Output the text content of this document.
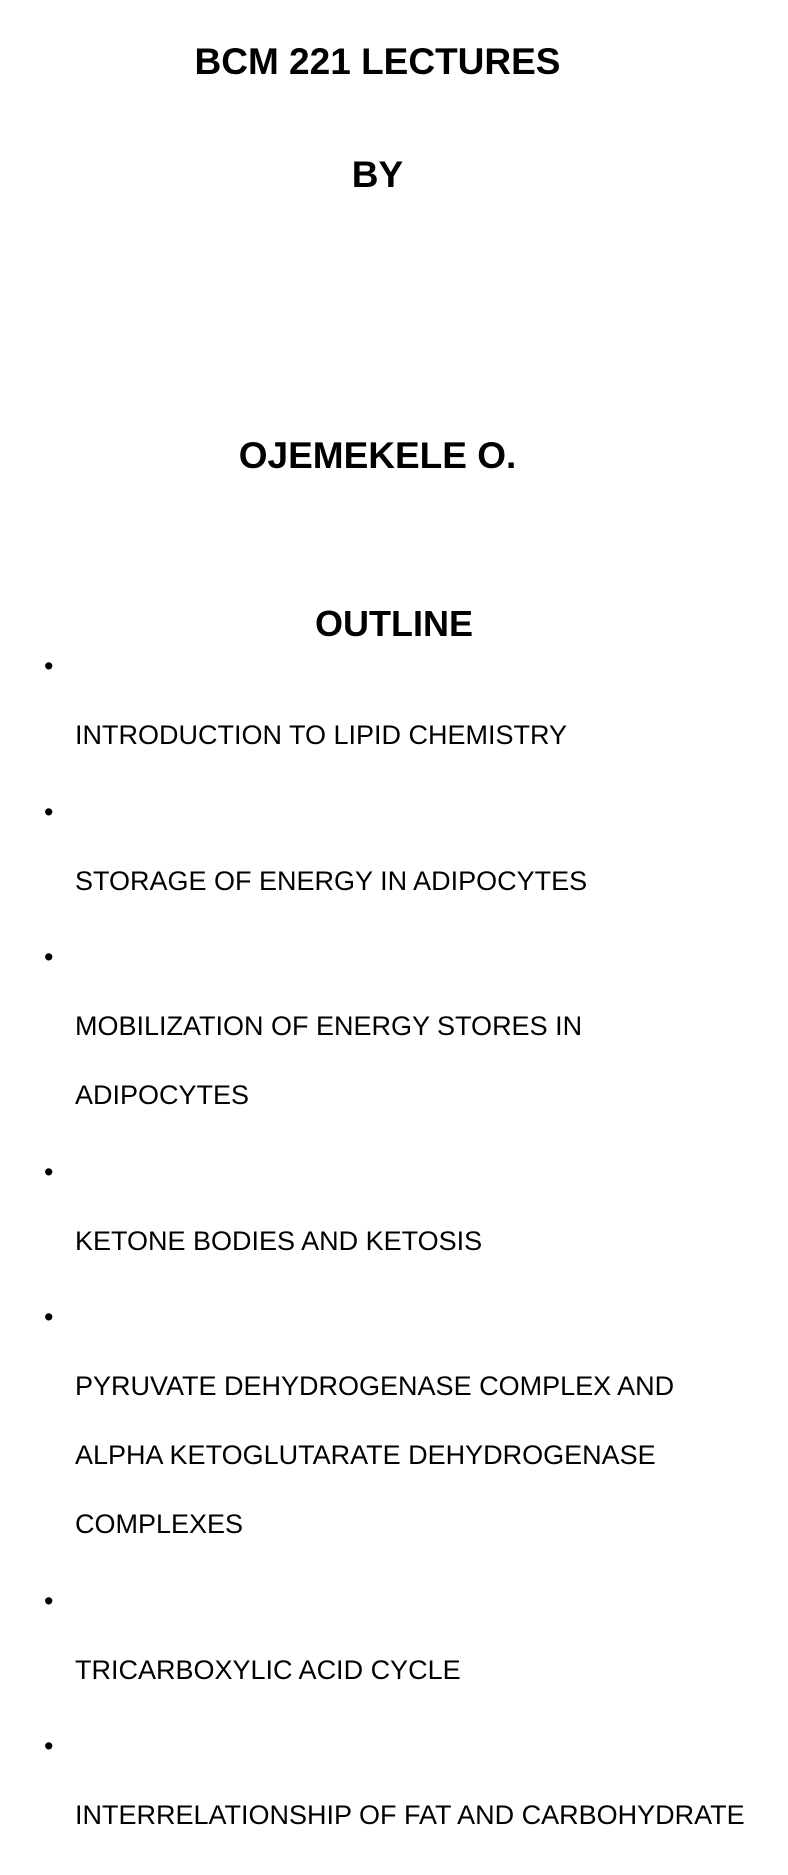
BCM 221 LECTURES
BY
OJEMEKELE O.
OUTLINE

•

INTRODUCTION TO LIPID CHEMISTRY

•

STORAGE OF ENERGY IN ADIPOCYTES

•

MOBILIZATION OF ENERGY STORES IN

ADIPOCYTES

•

KETONE BODIES AND KETOSIS

•

PYRUVATE DEHYDROGENASE COMPLEX AND

ALPHA KETOGLUTARATE DEHYDROGENASE

COMPLEXES

•

TRICARBOXYLIC ACID CYCLE

•

INTERRELATIONSHIP OF FAT AND CARBOHYDRATE
